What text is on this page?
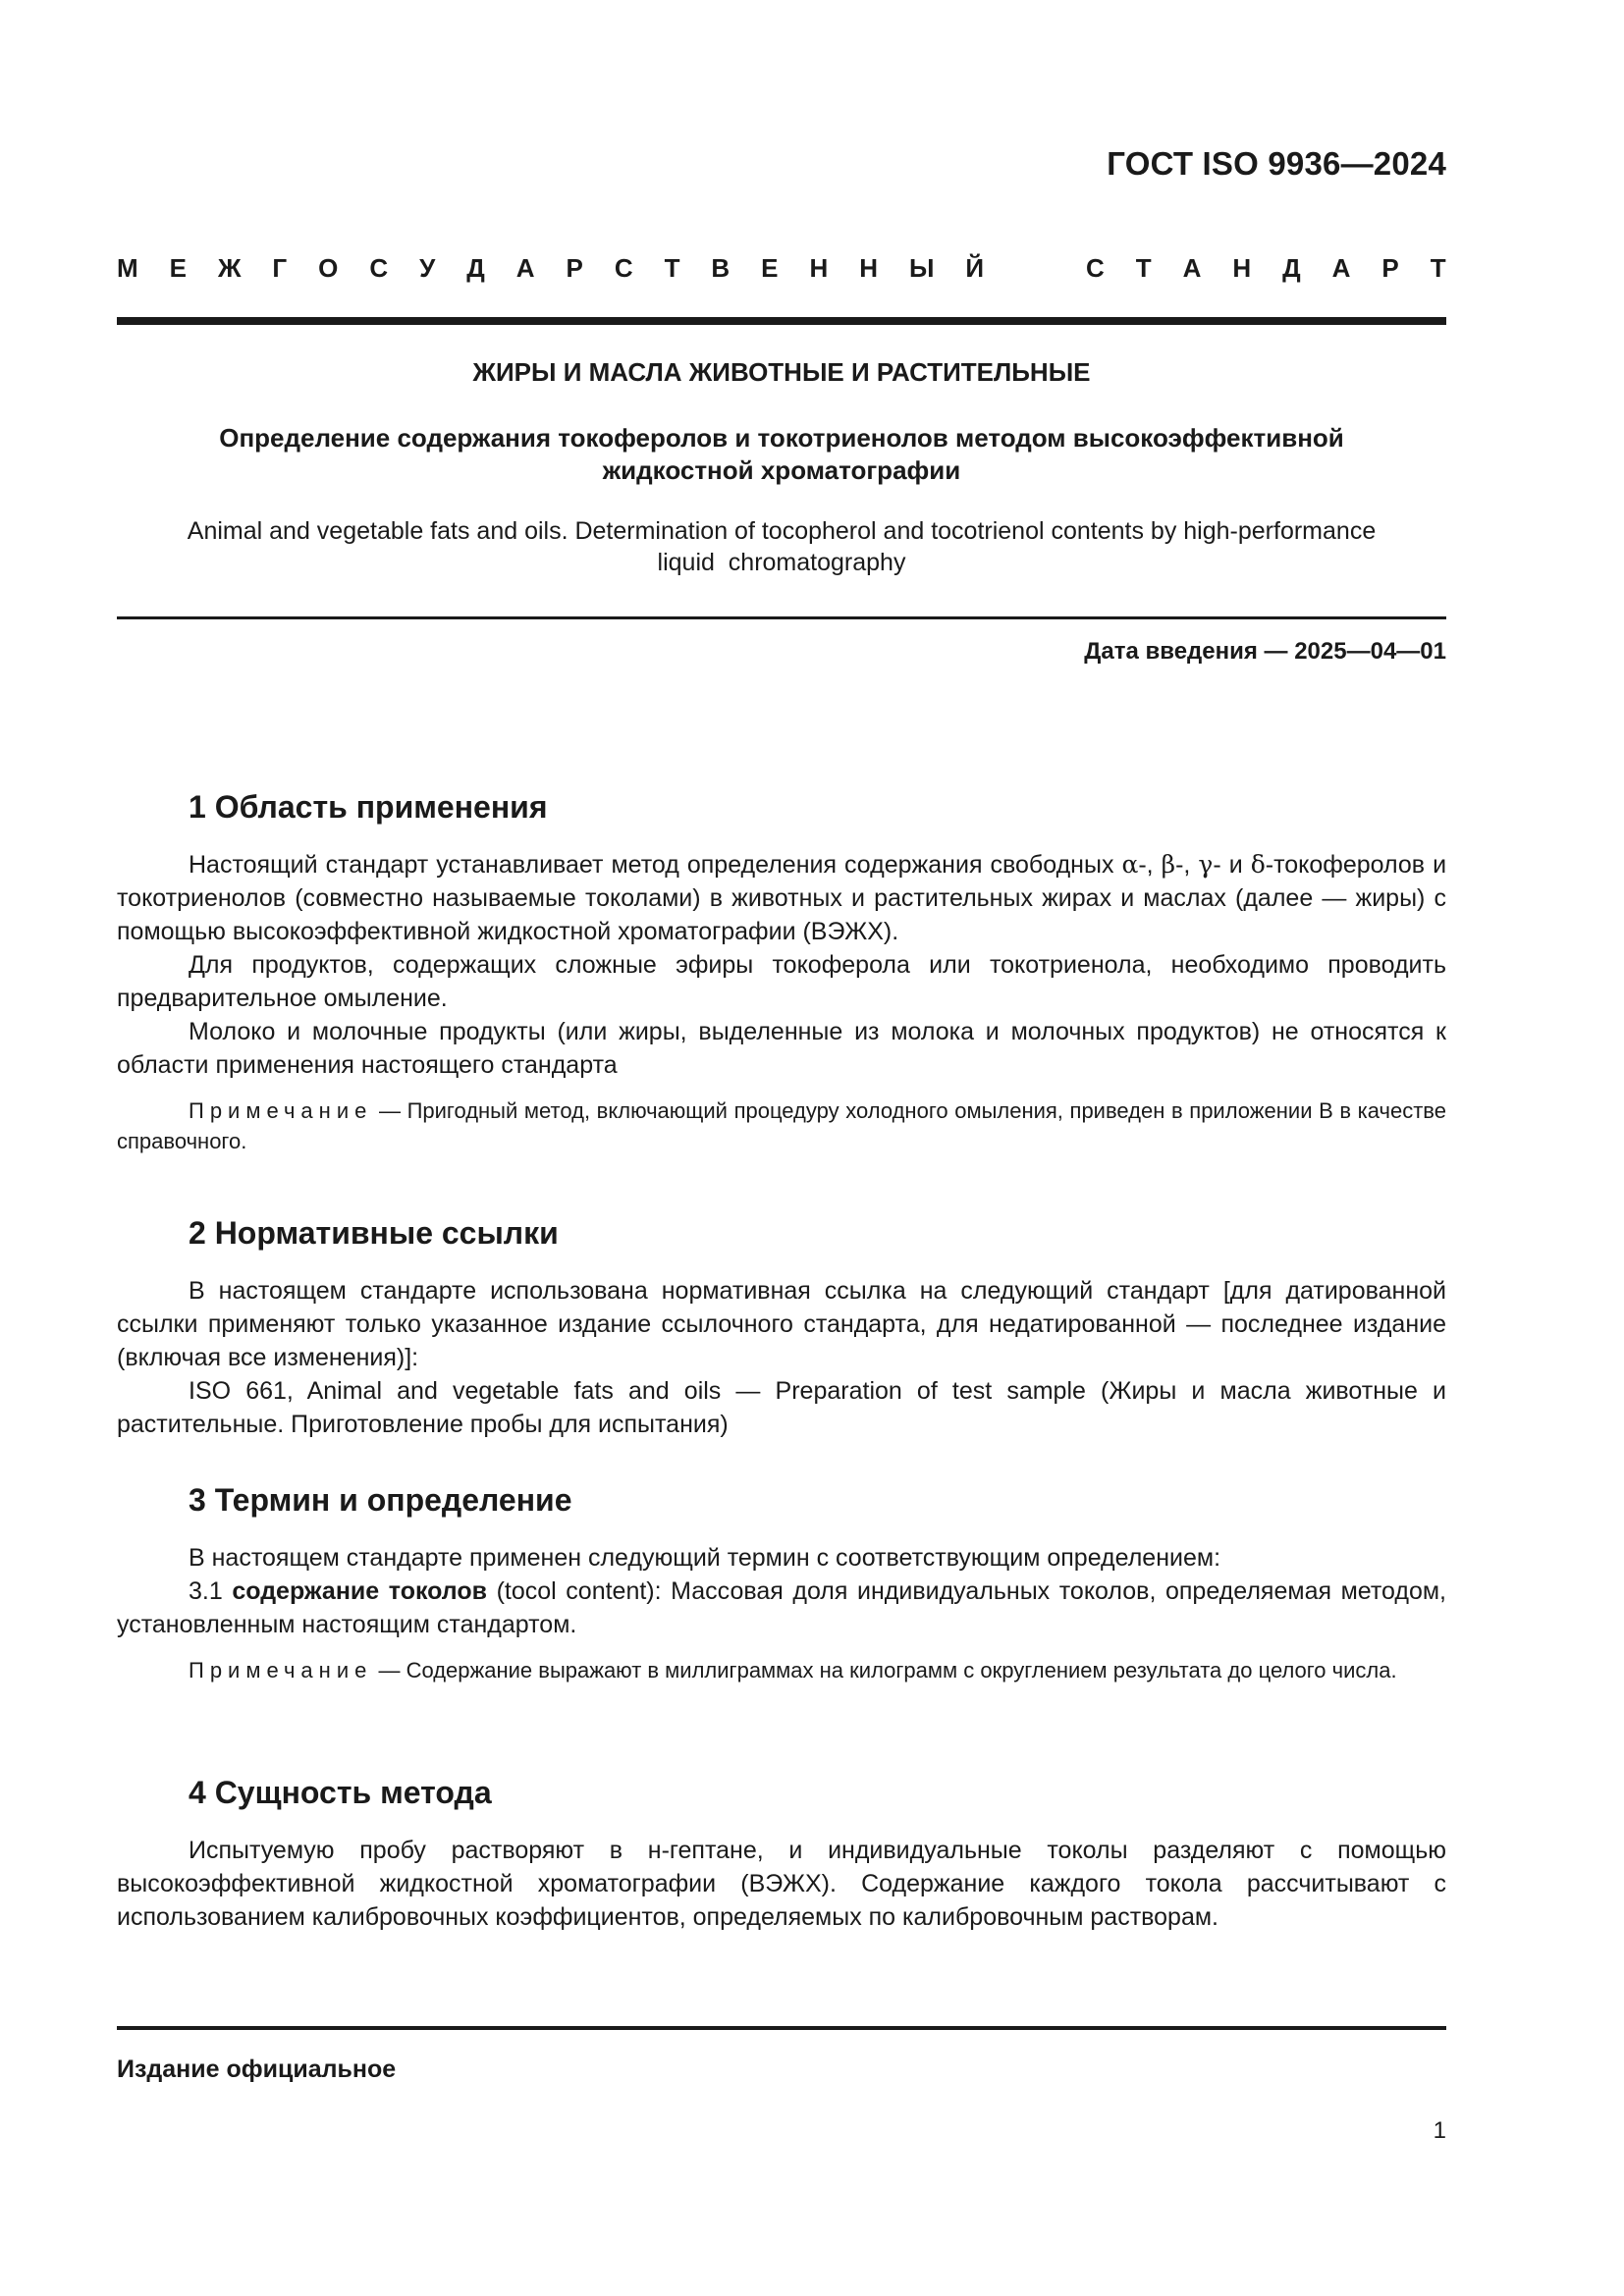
ГОСТ ISO 9936—2024
М Е Ж Г О С У Д А Р С Т В Е Н Н Ы Й	С Т А Н Д А Р Т
ЖИРЫ И МАСЛА ЖИВОТНЫЕ И РАСТИТЕЛЬНЫЕ
Определение содержания токоферолов и токотриенолов методом высокоэффективной
жидкостной хроматографии
Animal and vegetable fats and oils. Determination of tocopherol and tocotrienol contents by high-performance
liquid  chromatography
Дата введения — 2025—04—01
1 Область применения

Настоящий стандарт устанавливает метод определения содержания свободных α-, β-, γ- и δ-токоферолов и токотриенолов (совместно называемые токолами) в животных и растительных жирах и маслах (далее — жиры) с помощью высокоэффективной жидкостной хроматографии (ВЭЖХ).

Для продуктов, содержащих сложные эфиры токоферола или токотриенола, необходимо проводить предварительное омыление.

Молоко и молочные продукты (или жиры, выделенные из молока и молочных продуктов) не относятся к области применения настоящего стандарта

Примечание — Пригодный метод, включающий процедуру холодного омыления, приведен в приложении В в качестве справочного.

2 Нормативные ссылки

В настоящем стандарте использована нормативная ссылка на следующий стандарт [для датированной ссылки применяют только указанное издание ссылочного стандарта, для недатированной — последнее издание (включая все изменения)]:

ISO 661, Animal and vegetable fats and oils — Preparation of test sample (Жиры и масла животные и растительные. Приготовление пробы для испытания)

3 Термин и определение

В настоящем стандарте применен следующий термин с соответствующим определением:

3.1 содержание токолов (tocol content): Массовая доля индивидуальных токолов, определяемая методом, установленным настоящим стандартом.

Примечание — Содержание выражают в миллиграммах на килограмм с округлением результата до целого числа.

4 Сущность метода

Испытуемую пробу растворяют в н-гептане, и индивидуальные токолы разделяют с помощью высокоэффективной жидкостной хроматографии (ВЭЖХ). Содержание каждого токола рассчитывают с использованием калибровочных коэффициентов, определяемых по калибровочным растворам.

Издание официальное
1
